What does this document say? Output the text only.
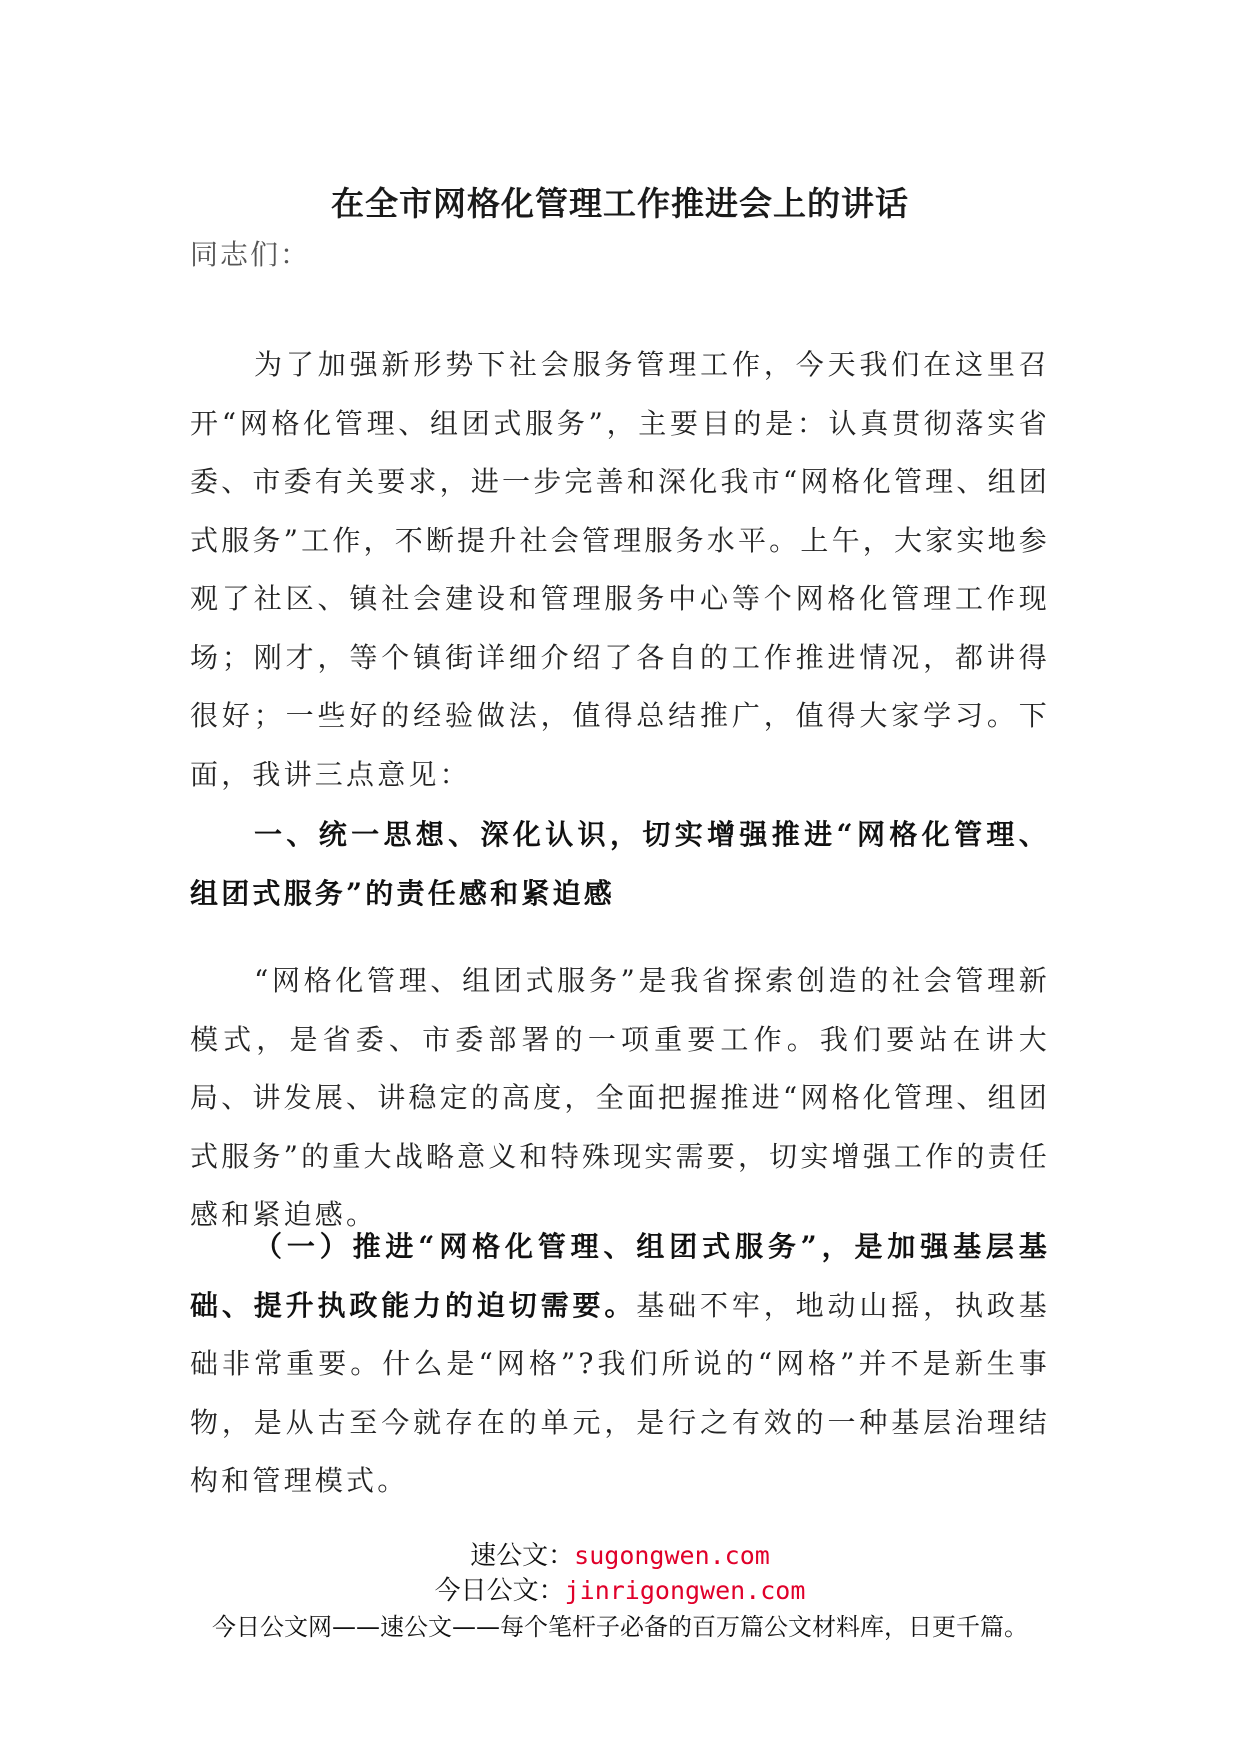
在全市网格化管理工作推进会上的讲话
同志们：

为了加强新形势下社会服务管理工作，今天我们在这里召开“网格化管理、组团式服务”，主要目的是：认真贯彻落实省委、市委有关要求，进一步完善和深化我市“网格化管理、组团式服务”工作，不断提升社会管理服务水平。上午，大家实地参观了社区、镇社会建设和管理服务中心等个网格化管理工作现场；刚才，等个镇街详细介绍了各自的工作推进情况，都讲得很好；一些好的经验做法，值得总结推广，值得大家学习。下面，我讲三点意见：

一、统一思想、深化认识，切实增强推进“网格化管理、组团式服务”的责任感和紧迫感

“网格化管理、组团式服务”是我省探索创造的社会管理新模式，是省委、市委部署的一项重要工作。我们要站在讲大局、讲发展、讲稳定的高度，全面把握推进“网格化管理、组团式服务”的重大战略意义和特殊现实需要，切实增强工作的责任感和紧迫感。

（一）推进“网格化管理、组团式服务”，是加强基层基础、提升执政能力的迫切需要。基础不牢，地动山摇，执政基础非常重要。什么是“网格”?我们所说的“网格”并不是新生事物，是从古至今就存在的单元，是行之有效的一种基层治理结构和管理模式。

速公文：sugongwen.com
今日公文：jinrigongwen.com
今日公文网——速公文——每个笔杆子必备的百万篇公文材料库，日更千篇。
